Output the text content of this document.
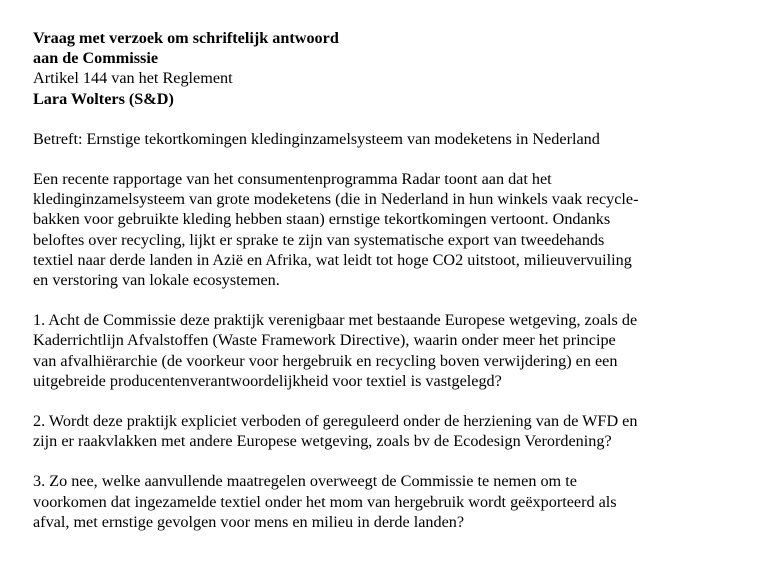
Vraag met verzoek om schriftelijk antwoord
aan de Commissie
Artikel 144 van het Reglement
Lara Wolters (S&D)
Betreft: Ernstige tekortkomingen kledinginzamelsysteem van modeketens in Nederland
Een recente rapportage van het consumentenprogramma Radar toont aan dat het
kledinginzamelsysteem van grote modeketens (die in Nederland in hun winkels vaak recycle-
bakken voor gebruikte kleding hebben staan) ernstige tekortkomingen vertoont. Ondanks
beloftes over recycling, lijkt er sprake te zijn van systematische export van tweedehands
textiel naar derde landen in Azië en Afrika, wat leidt tot hoge CO2 uitstoot, milieuvervuiling
en verstoring van lokale ecosystemen.
1. Acht de Commissie deze praktijk verenigbaar met bestaande Europese wetgeving, zoals de
Kaderrichtlijn Afvalstoffen (Waste Framework Directive), waarin onder meer het principe
van afvalhiërarchie (de voorkeur voor hergebruik en recycling boven verwijdering) en een
uitgebreide producentenverantwoordelijkheid voor textiel is vastgelegd?
2. Wordt deze praktijk expliciet verboden of gereguleerd onder de herziening van de WFD en
zijn er raakvlakken met andere Europese wetgeving, zoals bv de Ecodesign Verordening?
3. Zo nee, welke aanvullende maatregelen overweegt de Commissie te nemen om te
voorkomen dat ingezamelde textiel onder het mom van hergebruik wordt geëxporteerd als
afval, met ernstige gevolgen voor mens en milieu in derde landen?
